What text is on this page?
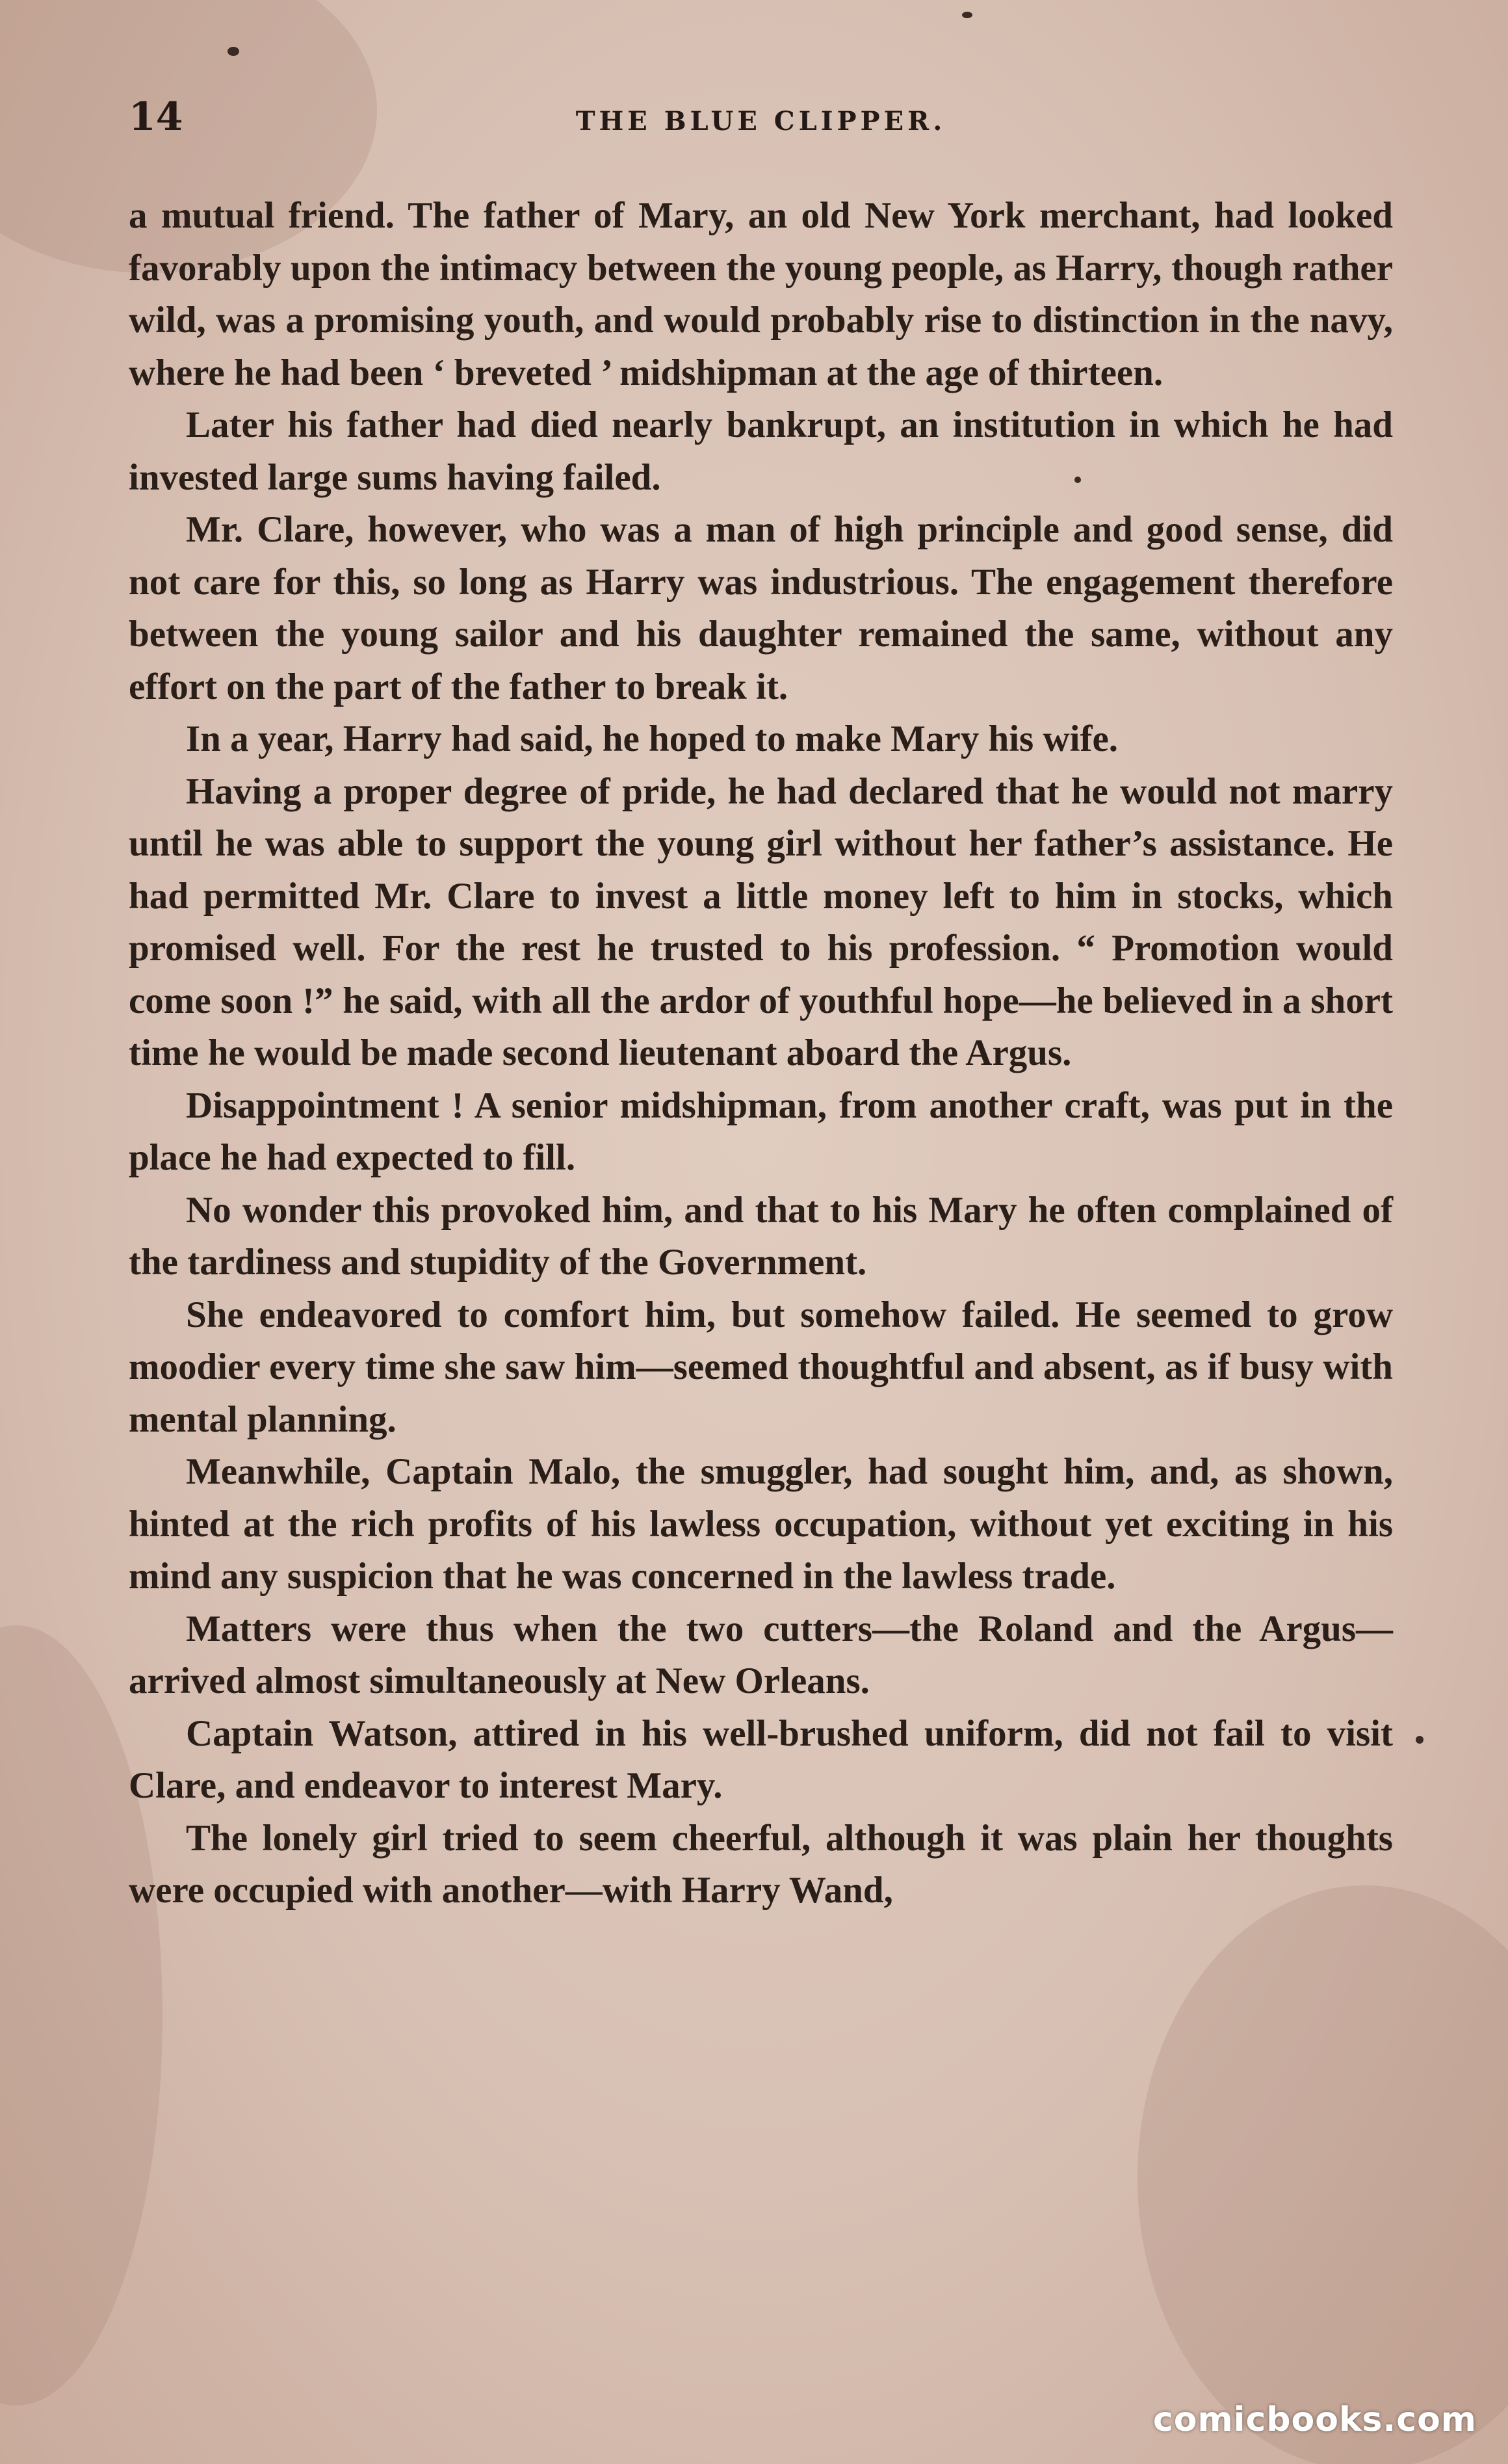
14	THE BLUE CLIPPER.

a mutual friend. The father of Mary, an old New York merchant, had looked favorably upon the intimacy between the young people, as Harry, though rather wild, was a promising youth, and would probably rise to distinction in the navy, where he had been ‘ breveted ’ midshipman at the age of thirteen.

Later his father had died nearly bankrupt, an institution in which he had invested large sums having failed.

Mr. Clare, however, who was a man of high principle and good sense, did not care for this, so long as Harry was industrious. The engagement therefore between the young sailor and his daughter remained the same, without any effort on the part of the father to break it.

In a year, Harry had said, he hoped to make Mary his wife.

Having a proper degree of pride, he had declared that he would not marry until he was able to support the young girl without her father’s assistance. He had permitted Mr. Clare to invest a little money left to him in stocks, which promised well. For the rest he trusted to his profession. “ Promotion would come soon !” he said, with all the ardor of youthful hope—he believed in a short time he would be made second lieutenant aboard the Argus.

Disappointment ! A senior midshipman, from another craft, was put in the place he had expected to fill.

No wonder this provoked him, and that to his Mary he often complained of the tardiness and stupidity of the Government.

She endeavored to comfort him, but somehow failed. He seemed to grow moodier every time she saw him—seemed thoughtful and absent, as if busy with mental planning.

Meanwhile, Captain Malo, the smuggler, had sought him, and, as shown, hinted at the rich profits of his lawless occupation, without yet exciting in his mind any suspicion that he was concerned in the lawless trade.

Matters were thus when the two cutters—the Roland and the Argus—arrived almost simultaneously at New Orleans.

Captain Watson, attired in his well-brushed uniform, did not fail to visit Clare, and endeavor to interest Mary.

The lonely girl tried to seem cheerful, although it was plain her thoughts were occupied with another—with Harry Wand,

comicbooks.com
